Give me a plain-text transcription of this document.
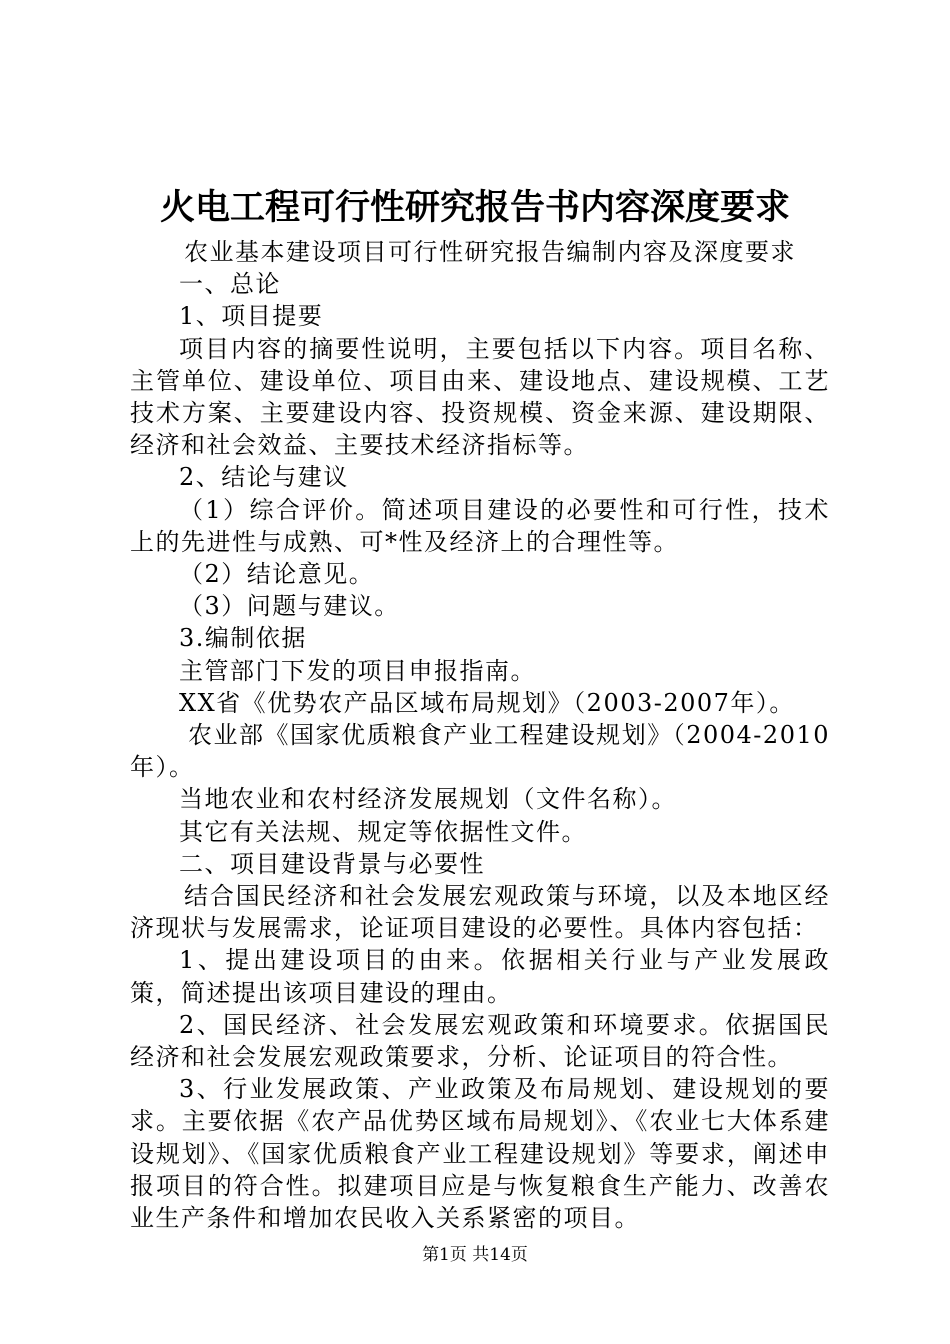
火电工程可行性研究报告书内容深度要求

农业基本建设项目可行性研究报告编制内容及深度要求

一、总论

1、项目提要

项目内容的摘要性说明，主要包括以下内容。项目名称、主管单位、建设单位、项目由来、建设地点、建设规模、工艺技术方案、主要建设内容、投资规模、资金来源、建设期限、经济和社会效益、主要技术经济指标等。

2、结论与建议

（1）综合评价。简述项目建设的必要性和可行性，技术上的先进性与成熟、可*性及经济上的合理性等。

（2）结论意见。

（3）问题与建议。

3.编制依据

主管部门下发的项目申报指南。

XX省《优势农产品区域布局规划》（2003-2007年）。

农业部《国家优质粮食产业工程建设规划》（2004-2010年）。

当地农业和农村经济发展规划（文件名称）。

其它有关法规、规定等依据性文件。

二、项目建设背景与必要性

结合国民经济和社会发展宏观政策与环境，以及本地区经济现状与发展需求，论证项目建设的必要性。具体内容包括：

1、提出建设项目的由来。依据相关行业与产业发展政策，简述提出该项目建设的理由。

2、国民经济、社会发展宏观政策和环境要求。依据国民经济和社会发展宏观政策要求，分析、论证项目的符合性。

3、行业发展政策、产业政策及布局规划、建设规划的要求。主要依据《农产品优势区域布局规划》、《农业七大体系建设规划》、《国家优质粮食产业工程建设规划》等要求，阐述申报项目的符合性。拟建项目应是与恢复粮食生产能力、改善农业生产条件和增加农民收入关系紧密的项目。

第1页 共14页
